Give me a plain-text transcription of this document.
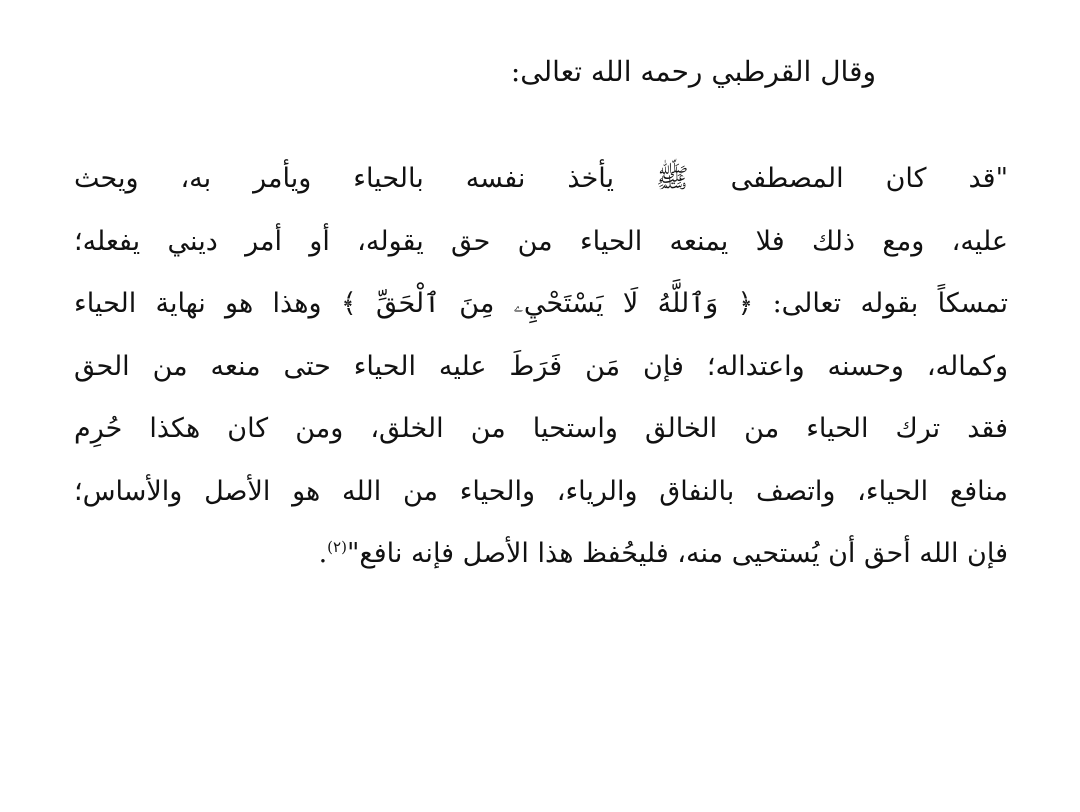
وقال القرطبي رحمه الله تعالى:
"قد كان المصطفى ﷺ يأخذ نفسه بالحياء ويأمر به، ويحث
عليه، ومع ذلك فلا يمنعه الحياء من حق يقوله، أو أمر ديني يفعله؛
تمسكاً بقوله تعالى: ﴿ وَٱللَّهُ لَا يَسْتَحْيِۦ مِنَ ٱلْحَقِّ ﴾ وهذا هو نهاية الحياء
وكماله، وحسنه واعتداله؛ فإن مَن فَرَطَ عليه الحياء حتى منعه من الحق
فقد ترك الحياء من الخالق واستحيا من الخلق، ومن كان هكذا حُرِم
منافع الحياء، واتصف بالنفاق والرياء، والحياء من الله هو الأصل والأساس؛
فإن الله أحق أن يُستحيى منه، فليحُفظ هذا الأصل فإنه نافع"$^{(٢)}$.
